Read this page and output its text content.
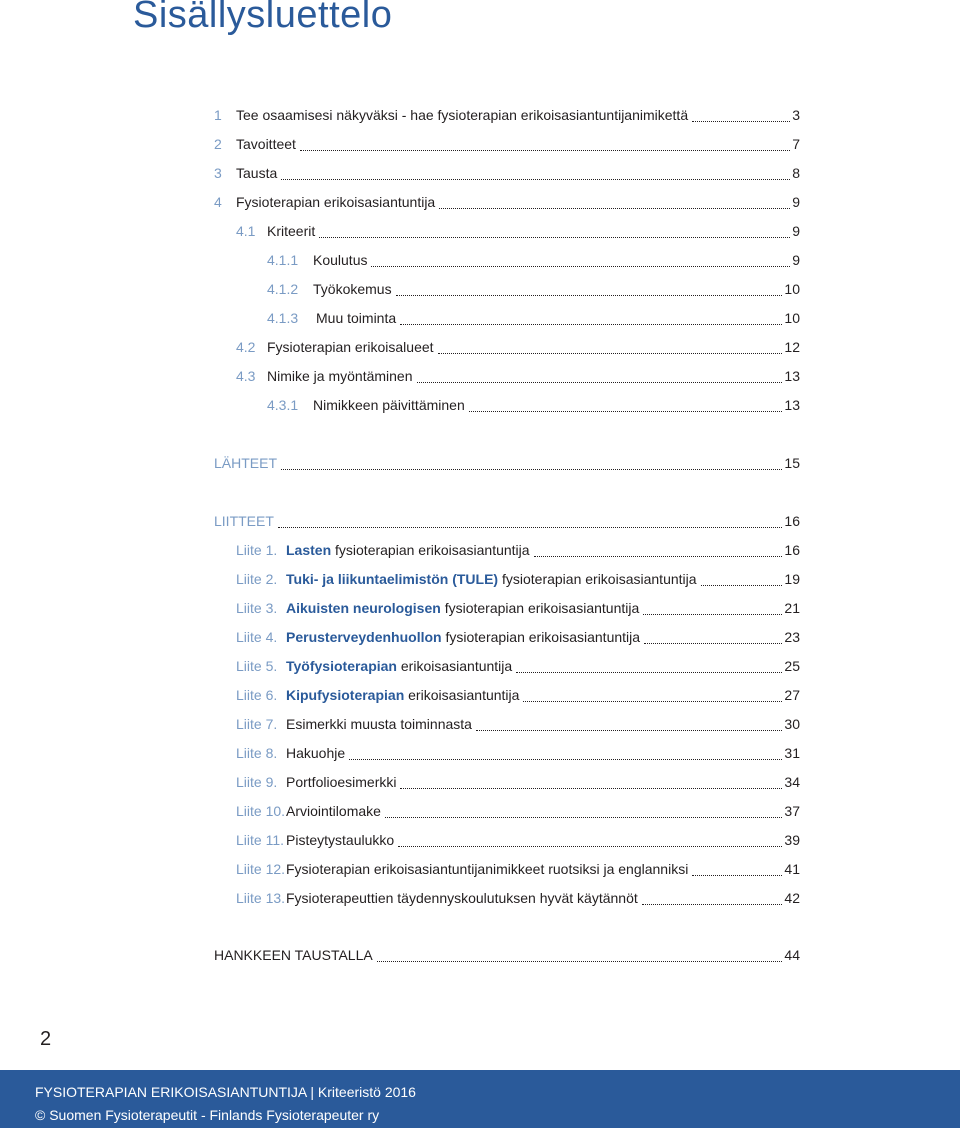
Sisällysluettelo
1	Tee osaamisesi näkyväksi - hae fysioterapian erikoisasiantuntijanimikettä	3
2	Tavoitteet	7
3	Tausta	8
4	Fysioterapian erikoisasiantuntija	9
4.1 Kriteerit	9
4.1.1	Koulutus	9
4.1.2	Työkokemus	10
4.1.3	Muu toiminta	10
4.2 Fysioterapian erikoisalueet	12
4.3 Nimike ja myöntäminen	13
4.3.1	Nimikkeen päivittäminen	13
LÄHTEET	15
LIITTEET	16
Liite 1. Lasten fysioterapian erikoisasiantuntija	16
Liite 2. Tuki- ja liikuntaelimistön (TULE) fysioterapian erikoisasiantuntija	19
Liite 3. Aikuisten neurologisen fysioterapian erikoisasiantuntija	21
Liite 4. Perusterveydenhuollon fysioterapian erikoisasiantuntija	23
Liite 5. Työfysioterapian erikoisasiantuntija	25
Liite 6. Kipufysioterapian erikoisasiantuntija	27
Liite 7. Esimerkki muusta toiminnasta	30
Liite 8. Hakuohje	31
Liite 9. Portfolioesimerkki	34
Liite 10. Arviointilomake	37
Liite 11. Pisteytystaulukko	39
Liite 12. Fysioterapian erikoisasiantuntijanimikkeet ruotsiksi ja englanniksi	41
Liite 13. Fysioterapeuttien täydennyskoulutuksen hyvät käytännöt	42
HANKKEEN TAUSTALLA	44
2
FYSIOTERAPIAN ERIKOISASIANTUNTIJA | Kriteeristö 2016
© Suomen Fysioterapeutit - Finlands Fysioterapeuter ry
